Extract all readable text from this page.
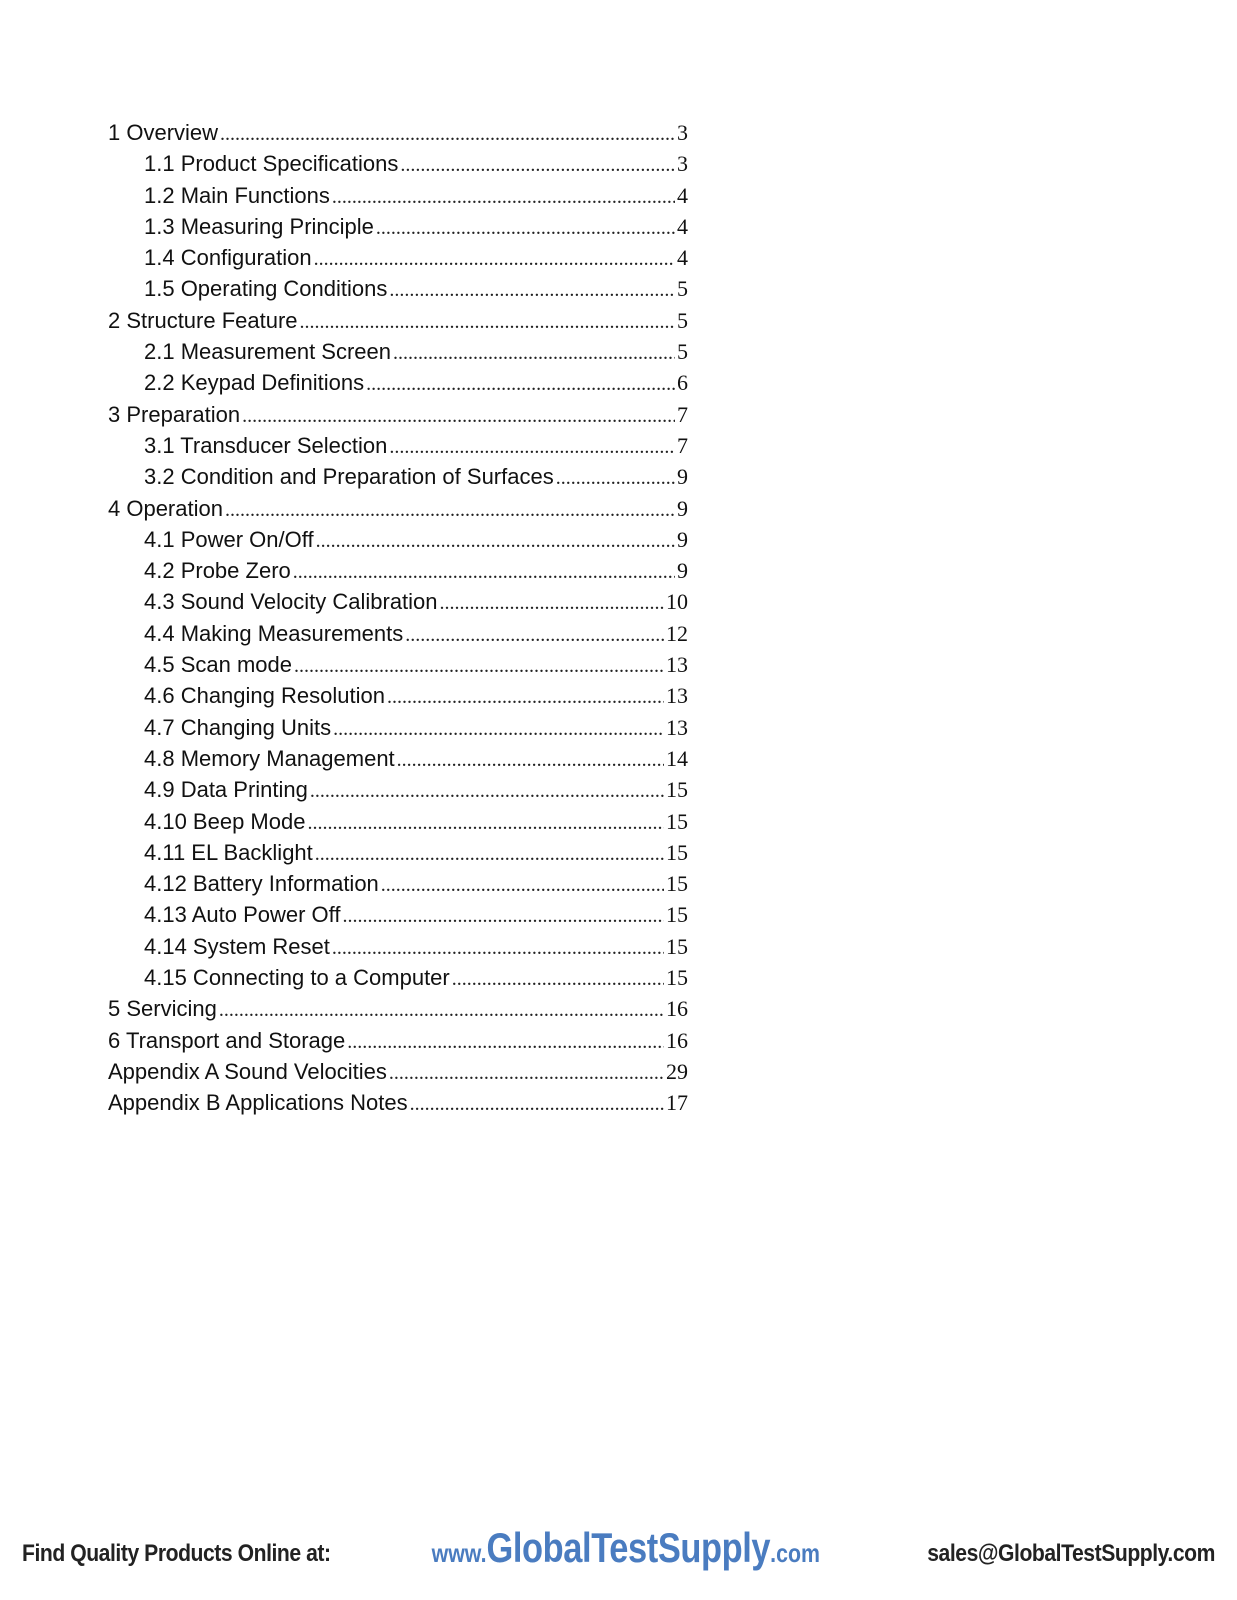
1 Overview .....	3
1.1 Product Specifications .....	3
1.2 Main Functions .....	4
1.3 Measuring Principle .....	4
1.4 Configuration .....	4
1.5 Operating Conditions .....	5
2 Structure Feature .....	5
2.1 Measurement Screen .....	5
2.2 Keypad Definitions .....	6
3 Preparation .....	7
3.1 Transducer Selection .....	7
3.2 Condition and Preparation of Surfaces .....	9
4 Operation .....	9
4.1 Power On/Off .....	9
4.2 Probe Zero .....	9
4.3 Sound Velocity Calibration .....	10
4.4 Making Measurements .....	12
4.5 Scan mode .....	13
4.6 Changing Resolution .....	13
4.7 Changing Units .....	13
4.8 Memory Management .....	14
4.9 Data Printing .....	15
4.10 Beep Mode .....	15
4.11 EL Backlight .....	15
4.12 Battery Information .....	15
4.13 Auto Power Off .....	15
4.14 System Reset .....	15
4.15 Connecting to a Computer .....	15
5 Servicing .....	16
6 Transport and Storage .....	16
Appendix A Sound Velocities .....	29
Appendix B Applications Notes .....	17
Find Quality Products Online at:	www.GlobalTestSupply.com	sales@GlobalTestSupply.com
